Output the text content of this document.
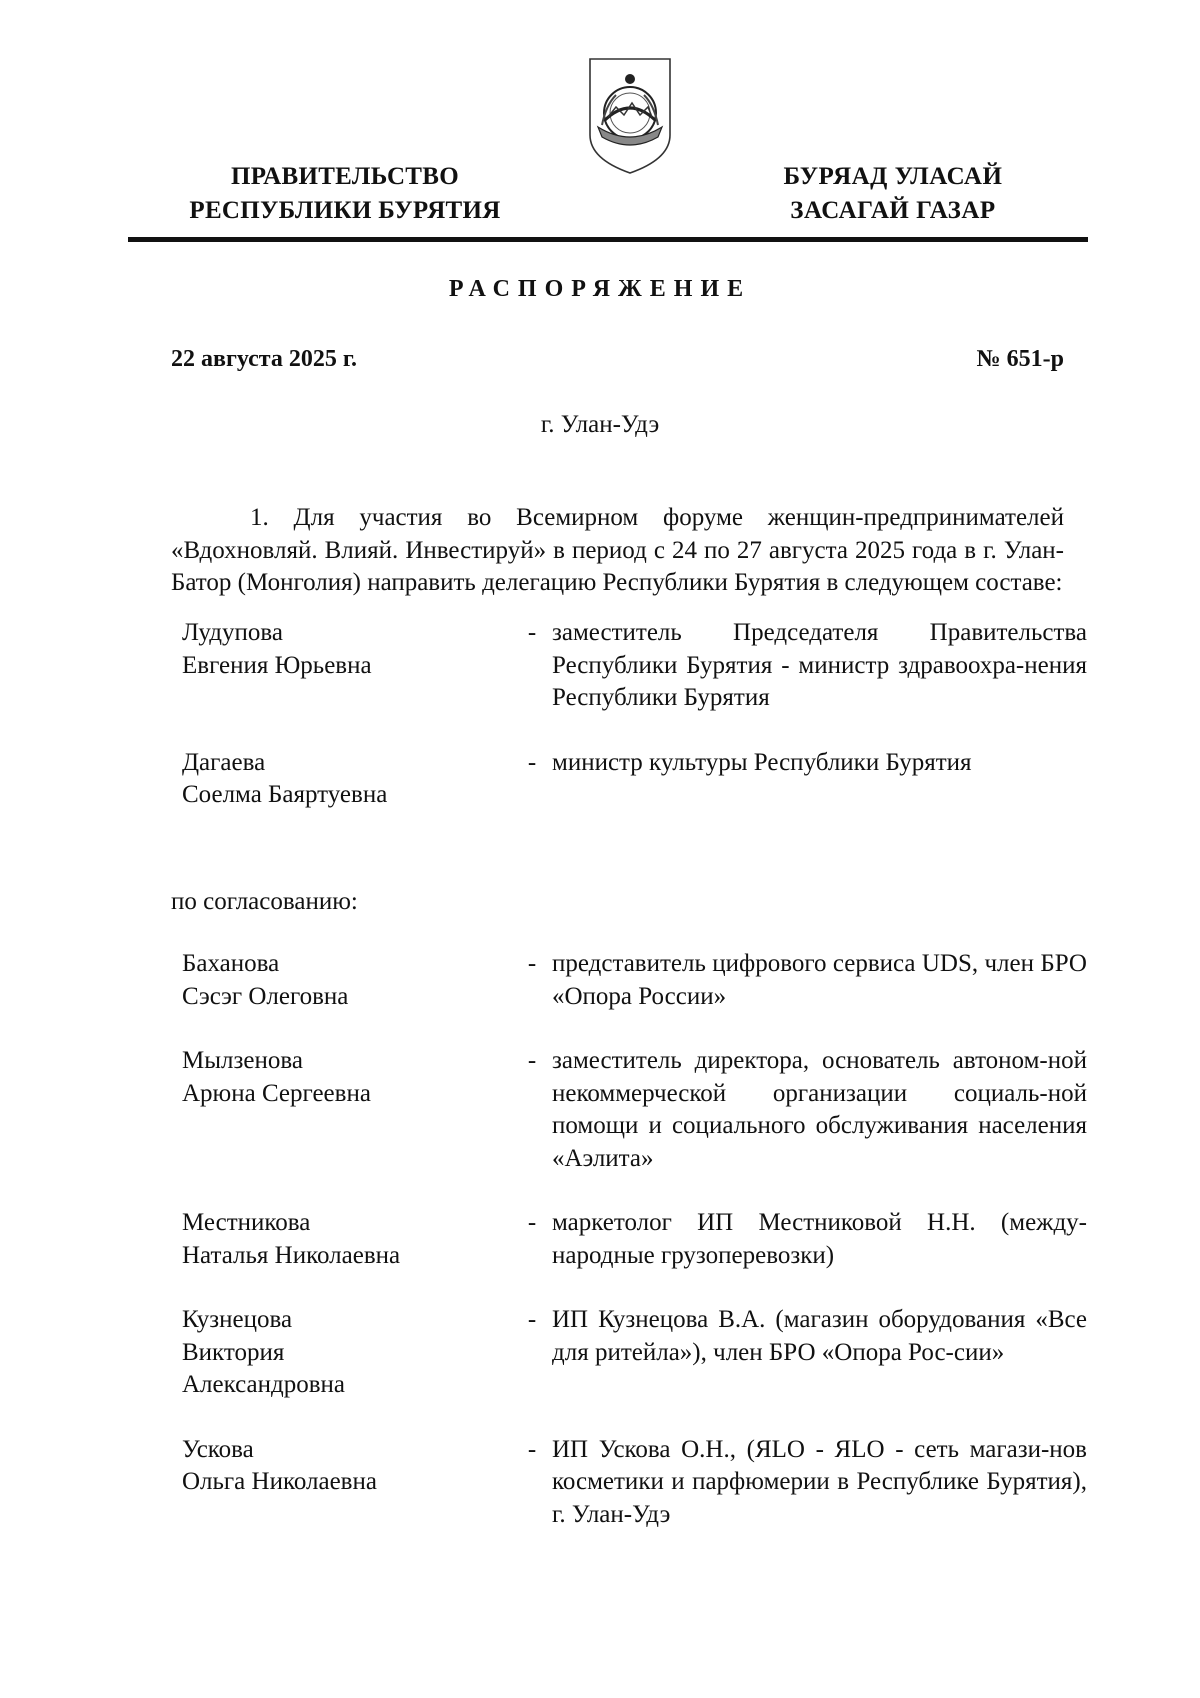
ПРАВИТЕЛЬСТВО
РЕСПУБЛИКИ БУРЯТИЯ
БУРЯАД УЛАСАЙ
ЗАСАГАЙ ГАЗАР
РАСПОРЯЖЕНИЕ
22 августа 2025 г.	№ 651-р
г. Улан-Удэ

1. Для участия во Всемирном форуме женщин-предпринимателей «Вдохновляй. Влияй. Инвестируй» в период с 24 по 27 августа 2025 года в г. Улан-Батор (Монголия) направить делегацию Республики Бурятия в следующем составе:

Лудупова
Евгения Юрьевна
- заместитель Председателя Правительства Республики Бурятия - министр здравоохра-нения Республики Бурятия
Дагаева
Соелма Баяртуевна
- министр культуры Республики Бурятия
по согласованию:
Баханова
Сэсэг Олеговна
- представитель цифрового сервиса UDS, член БРО «Опора России»
Мылзенова
Арюна Сергеевна
- заместитель директора, основатель автоном-ной некоммерческой организации социаль-ной помощи и социального обслуживания населения «Аэлита»
Местникова
Наталья Николаевна
- маркетолог ИП Местниковой Н.Н. (между-народные грузоперевозки)
Кузнецова
Виктория Александровна
- ИП Кузнецова В.А. (магазин оборудования «Все для ритейла»), член БРО «Опора Рос-сии»
Ускова
Ольга Николаевна
- ИП Ускова О.Н., (ЯLO - ЯLO - сеть магази-нов косметики и парфюмерии в Республике Бурятия), г. Улан-Удэ
